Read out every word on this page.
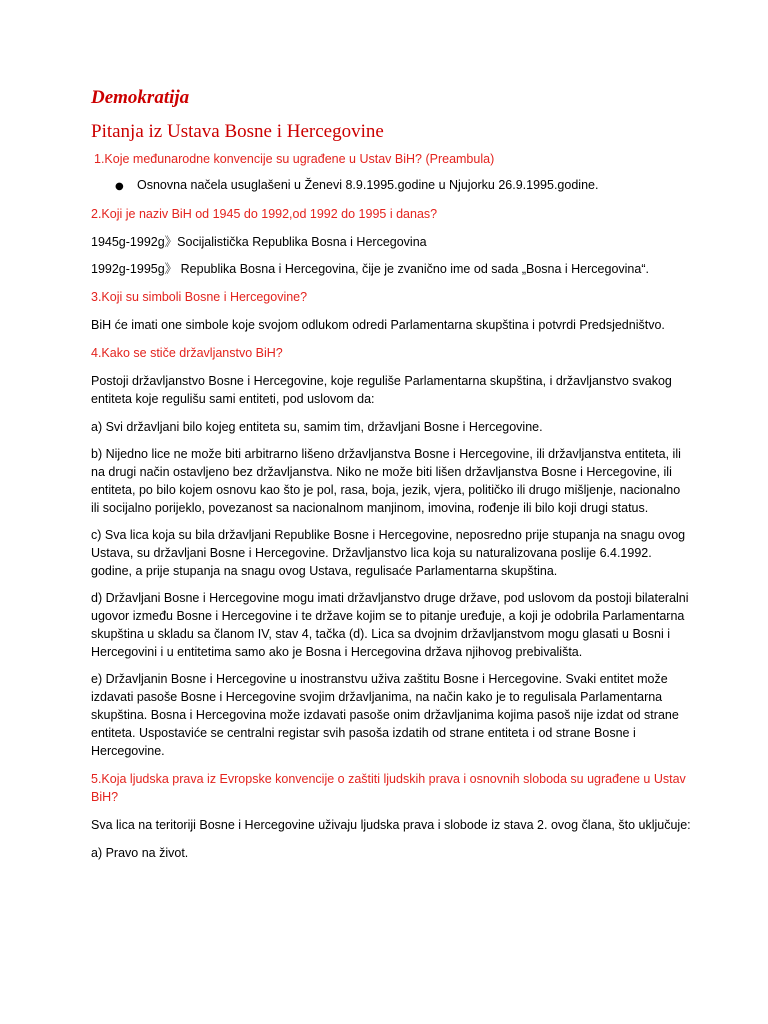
Demokratija
Pitanja iz Ustava Bosne i Hercegovine

1.Koje međunarodne konvencije su ugrađene u Ustav BiH? (Preambula)

●	Osnovna načela usuglašeni u Ženevi 8.9.1995.godine u Njujorku 26.9.1995.godine.

2.Koji je naziv BiH od 1945 do 1992,od 1992 do 1995 i danas?

1945g-1992g》Socijalistička Republika Bosna i Hercegovina

1992g-1995g》 Republika Bosna i Hercegovina, čije je zvanično ime od sada „Bosna i Hercegovina“.

3.Koji su simboli Bosne i Hercegovine?

BiH će imati one simbole koje svojom odlukom odredi Parlamentarna skupština i potvrdi Predsjedništvo.

4.Kako se stiče državljanstvo BiH?

Postoji državljanstvo Bosne i Hercegovine, koje reguliše Parlamentarna skupština, i državljanstvo svakog entiteta koje regulišu sami entiteti, pod uslovom da:

a) Svi državljani bilo kojeg entiteta su, samim tim, državljani Bosne i Hercegovine.

b) Nijedno lice ne može biti arbitrarno lišeno državljanstva Bosne i Hercegovine, ili državljanstva entiteta, ili na drugi način ostavljeno bez državljanstva. Niko ne može biti lišen državljanstva Bosne i Hercegovine, ili entiteta, po bilo kojem osnovu kao što je pol, rasa, boja, jezik, vjera, političko ili drugo mišljenje, nacionalno ili socijalno porijeklo, povezanost sa nacionalnom manjinom, imovina, rođenje ili bilo koji drugi status.

c) Sva lica koja su bila državljani Republike Bosne i Hercegovine, neposredno prije stupanja na snagu ovog Ustava, su državljani Bosne i Hercegovine. Državljanstvo lica koja su naturalizovana poslije 6.4.1992. godine, a prije stupanja na snagu ovog Ustava, regulisaće Parlamentarna skupština.

d) Državljani Bosne i Hercegovine mogu imati državljanstvo druge države, pod uslovom da postoji bilateralni ugovor između Bosne i Hercegovine i te države kojim se to pitanje uređuje, a koji je odobrila Parlamentarna skupština u skladu sa članom IV, stav 4, tačka (d). Lica sa dvojnim državljanstvom mogu glasati u Bosni i Hercegovini i u entitetima samo ako je Bosna i Hercegovina država njihovog prebivališta.

e) Državljanin Bosne i Hercegovine u inostranstvu uživa zaštitu Bosne i Hercegovine. Svaki entitet može izdavati pasoše Bosne i Hercegovine svojim državljanima, na način kako je to regulisala Parlamentarna skupština. Bosna i Hercegovina može izdavati pasoše onim državljanima kojima pasoš nije izdat od strane entiteta. Uspostaviće se centralni registar svih pasoša izdatih od strane entiteta i od strane Bosne i Hercegovine.

5.Koja ljudska prava iz Evropske konvencije o zaštiti ljudskih prava i osnovnih sloboda su ugrađene u Ustav BiH?

Sva lica na teritoriji Bosne i Hercegovine uživaju ljudska prava i slobode iz stava 2. ovog člana, što uključuje:

a) Pravo na život.
